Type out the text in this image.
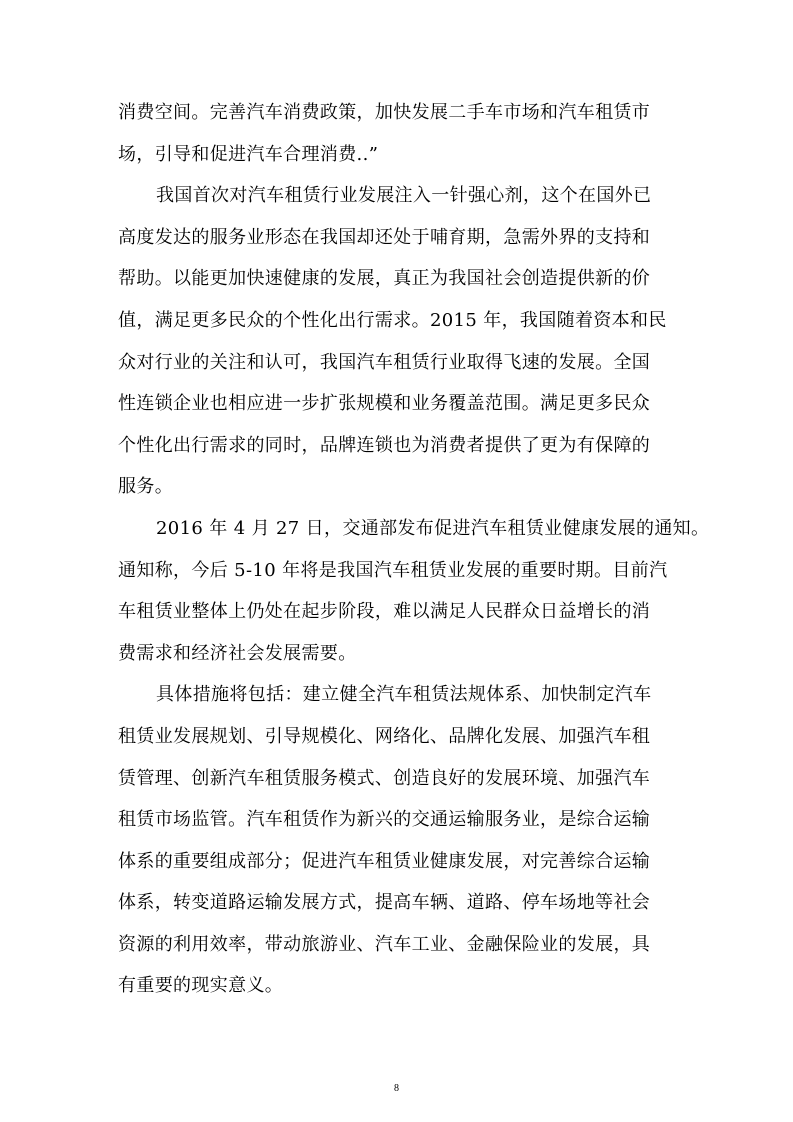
消费空间。完善汽车消费政策，加快发展二手车市场和汽车租赁市
场，引导和促进汽车合理消费..”
我国首次对汽车租赁行业发展注入一针强心剂，这个在国外已
高度发达的服务业形态在我国却还处于哺育期，急需外界的支持和
帮助。以能更加快速健康的发展，真正为我国社会创造提供新的价
值，满足更多民众的个性化出行需求。2015 年，我国随着资本和民
众对行业的关注和认可，我国汽车租赁行业取得飞速的发展。全国
性连锁企业也相应进一步扩张规模和业务覆盖范围。满足更多民众
个性化出行需求的同时，品牌连锁也为消费者提供了更为有保障的
服务。
2016 年 4 月 27 日，交通部发布促进汽车租赁业健康发展的通知。
通知称，今后 5-10 年将是我国汽车租赁业发展的重要时期。目前汽
车租赁业整体上仍处在起步阶段，难以满足人民群众日益增长的消
费需求和经济社会发展需要。
具体措施将包括：建立健全汽车租赁法规体系、加快制定汽车
租赁业发展规划、引导规模化、网络化、品牌化发展、加强汽车租
赁管理、创新汽车租赁服务模式、创造良好的发展环境、加强汽车
租赁市场监管。汽车租赁作为新兴的交通运输服务业，是综合运输
体系的重要组成部分；促进汽车租赁业健康发展，对完善综合运输
体系，转变道路运输发展方式，提高车辆、道路、停车场地等社会
资源的利用效率，带动旅游业、汽车工业、金融保险业的发展，具
有重要的现实意义。
8
